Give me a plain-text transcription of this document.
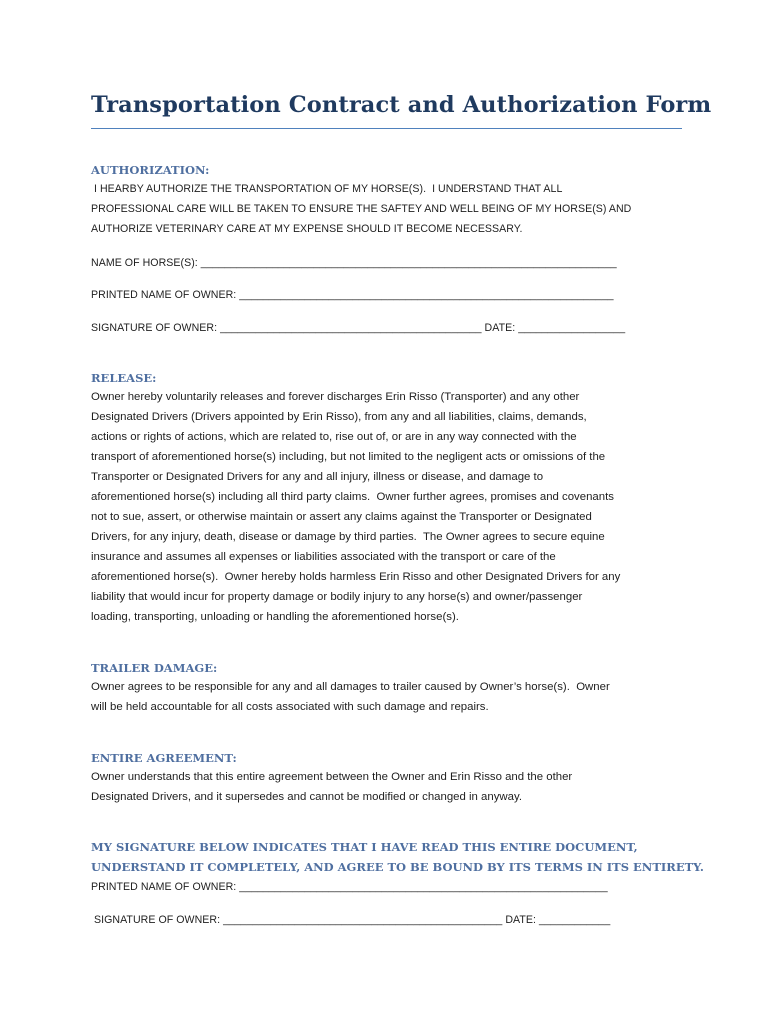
Transportation Contract and Authorization Form
AUTHORIZATION:
I HEARBY AUTHORIZE THE TRANSPORTATION OF MY HORSE(S).  I UNDERSTAND THAT ALL
PROFESSIONAL CARE WILL BE TAKEN TO ENSURE THE SAFTEY AND WELL BEING OF MY HORSE(S) AND
AUTHORIZE VETERINARY CARE AT MY EXPENSE SHOULD IT BECOME NECESSARY.
NAME OF HORSE(S): ______________________________________________________________________
PRINTED NAME OF OWNER: _______________________________________________________________
SIGNATURE OF OWNER: ____________________________________________ DATE: __________________
RELEASE:
Owner hereby voluntarily releases and forever discharges Erin Risso (Transporter) and any other
Designated Drivers (Drivers appointed by Erin Risso), from any and all liabilities, claims, demands,
actions or rights of actions, which are related to, rise out of, or are in any way connected with the
transport of aforementioned horse(s) including, but not limited to the negligent acts or omissions of the
Transporter or Designated Drivers for any and all injury, illness or disease, and damage to
aforementioned horse(s) including all third party claims.  Owner further agrees, promises and covenants
not to sue, assert, or otherwise maintain or assert any claims against the Transporter or Designated
Drivers, for any injury, death, disease or damage by third parties.  The Owner agrees to secure equine
insurance and assumes all expenses or liabilities associated with the transport or care of the
aforementioned horse(s).  Owner hereby holds harmless Erin Risso and other Designated Drivers for any
liability that would incur for property damage or bodily injury to any horse(s) and owner/passenger
loading, transporting, unloading or handling the aforementioned horse(s).
TRAILER DAMAGE:
Owner agrees to be responsible for any and all damages to trailer caused by Owner’s horse(s).  Owner
will be held accountable for all costs associated with such damage and repairs.
ENTIRE AGREEMENT:
Owner understands that this entire agreement between the Owner and Erin Risso and the other
Designated Drivers, and it supersedes and cannot be modified or changed in anyway.
MY SIGNATURE BELOW INDICATES THAT I HAVE READ THIS ENTIRE DOCUMENT,
UNDERSTAND IT COMPLETELY, AND AGREE TO BE BOUND BY ITS TERMS IN ITS ENTIRETY.
PRINTED NAME OF OWNER: ______________________________________________________________
SIGNATURE OF OWNER: _______________________________________________ DATE: ____________
